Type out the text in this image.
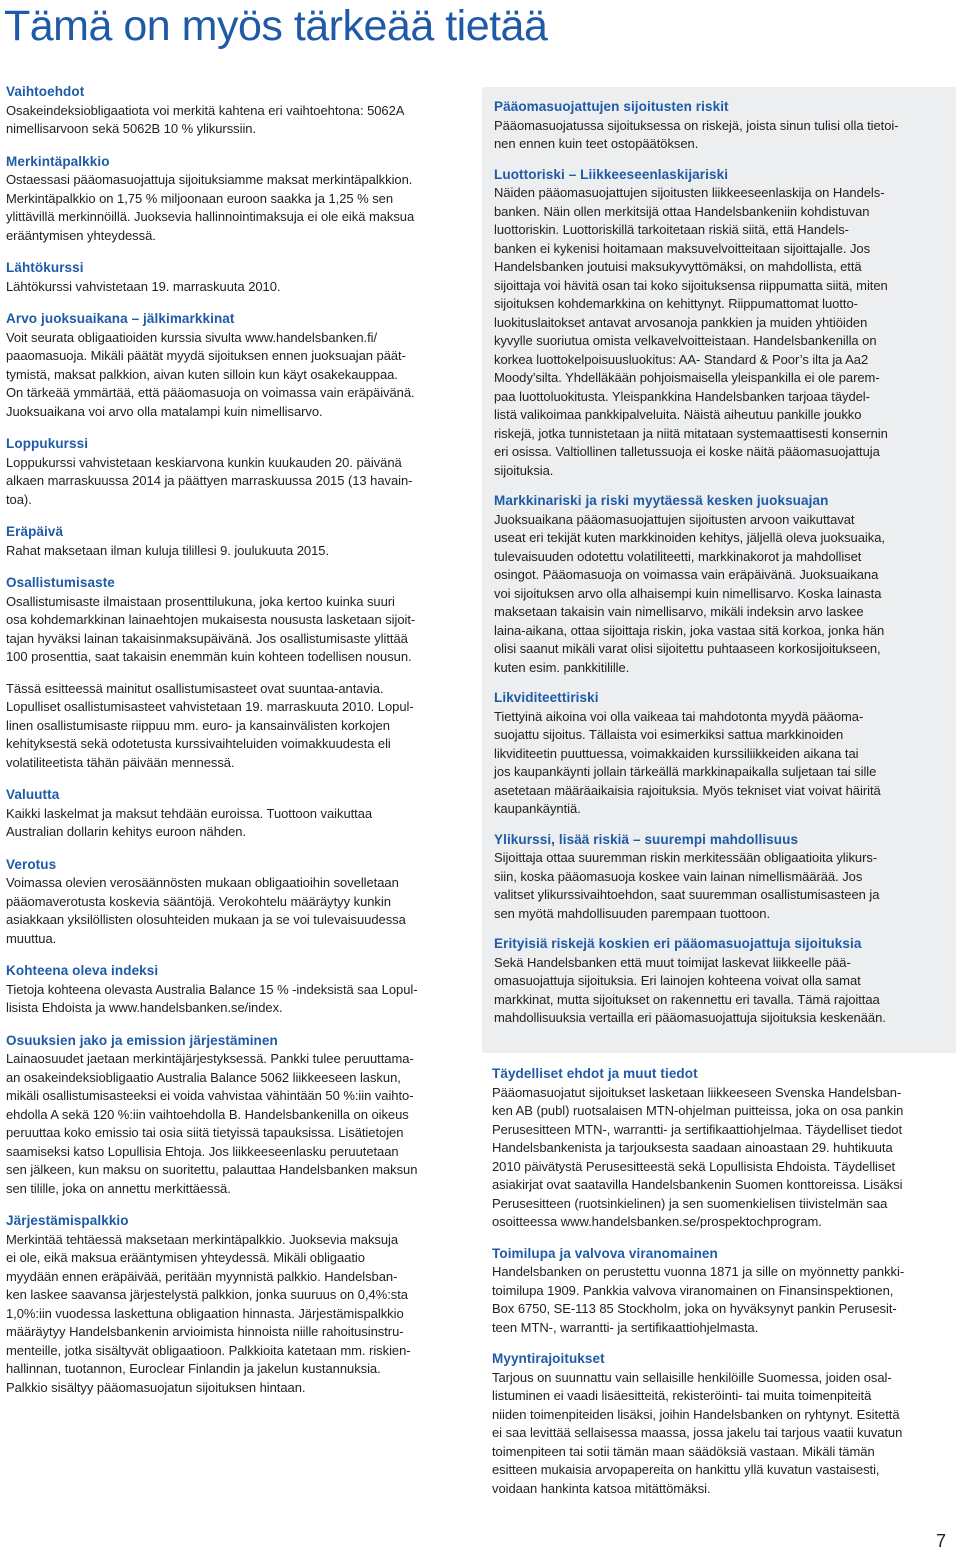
Tämä on myös tärkeää tietää
Vaihtoehdot

Osakeindeksiobligaatiota voi merkitä kahtena eri vaihtoehtona: 5062A
nimellisarvoon sekä 5062B 10 % ylikurssiin.

Merkintäpalkkio

Ostaessasi pääomasuojattuja sijoituksiamme maksat merkintäpalkkion.
Merkintäpalkkio on 1,75 % miljoonaan euroon saakka ja 1,25 % sen
ylittävillä merkinnöillä. Juoksevia hallinnointimaksuja ei ole eikä maksua
erääntymisen yhteydessä.

Lähtökurssi

Lähtökurssi vahvistetaan 19. marraskuuta 2010.

Arvo juoksuaikana – jälkimarkkinat

Voit seurata obligaatioiden kurssia sivulta www.handelsbanken.fi/
paaomasuoja. Mikäli päätät myydä sijoituksen ennen juoksuajan päät-
tymistä, maksat palkkion, aivan kuten silloin kun käyt osakekauppaa.
On tärkeää ymmärtää, että pääomasuoja on voimassa vain eräpäivänä.
Juoksuaikana voi arvo olla matalampi kuin nimellisarvo.

Loppukurssi

Loppukurssi vahvistetaan keskiarvona kunkin kuukauden 20. päivänä
alkaen marraskuussa 2014 ja päättyen marraskuussa 2015 (13 havain-
toa).

Eräpäivä

Rahat maksetaan ilman kuluja tilillesi 9. joulukuuta 2015.

Osallistumisaste

Osallistumisaste ilmaistaan prosenttilukuna, joka kertoo kuinka suuri
osa kohdemarkkinan lainaehtojen mukaisesta noususta lasketaan sijoit-
tajan hyväksi lainan takaisinmaksupäivänä. Jos osallistumisaste ylittää
100 prosenttia, saat takaisin enemmän kuin kohteen todellisen nousun.

Tässä esitteessä mainitut osallistumisasteet ovat suuntaa-antavia.
Lopulliset osallistumisasteet vahvistetaan 19. marraskuuta 2010. Lopul-
linen osallistumisaste riippuu mm. euro- ja kansainvälisten korkojen
kehityksestä sekä odotetusta kurssivaihteluiden voimakkuudesta eli
volatiliteetista tähän päivään mennessä.

Valuutta

Kaikki laskelmat ja maksut tehdään euroissa. Tuottoon vaikuttaa
Australian dollarin kehitys euroon nähden.

Verotus

Voimassa olevien verosäännösten mukaan obligaatioihin sovelletaan
pääomaverotusta koskevia sääntöjä. Verokohtelu määräytyy kunkin
asiakkaan yksilöllisten olosuhteiden mukaan ja se voi tulevaisuudessa
muuttua.

Kohteena oleva indeksi

Tietoja kohteena olevasta Australia Balance 15 % -indeksistä saa Lopul-
lisista Ehdoista ja www.handelsbanken.se/index.

Osuuksien jako ja emission järjestäminen

Lainaosuudet jaetaan merkintäjärjestyksessä. Pankki tulee peruuttama-
an osakeindeksiobligaatio Australia Balance 5062 liikkeeseen laskun,
mikäli osallistumisasteeksi ei voida vahvistaa vähintään 50 %:iin vaihto-
ehdolla A sekä 120 %:iin vaihtoehdolla B. Handelsbankenilla on oikeus
peruuttaa koko emissio tai osia siitä tietyissä tapauksissa. Lisätietojen
saamiseksi katso Lopullisia Ehtoja. Jos liikkeeseenlasku peruutetaan
sen jälkeen, kun maksu on suoritettu, palauttaa Handelsbanken maksun
sen tilille, joka on annettu merkittäessä.

Järjestämispalkkio

Merkintää tehtäessä maksetaan merkintäpalkkio. Juoksevia maksuja
ei ole, eikä maksua erääntymisen yhteydessä. Mikäli obligaatio
myydään ennen eräpäivää, peritään myynnistä palkkio. Handelsban-
ken laskee saavansa järjestelystä palkkion, jonka suuruus on 0,4%:sta
1,0%:iin vuodessa laskettuna obligaation hinnasta. Järjestämispalkkio
määräytyy Handelsbankenin arvioimista hinnoista niille rahoitusinstru-
menteille, jotka sisältyvät obligaatioon. Palkkioita katetaan mm. riskien-
hallinnan, tuotannon, Euroclear Finlandin ja jakelun kustannuksia.
Palkkio sisältyy pääomasuojatun sijoituksen hintaan.

Pääomasuojattujen sijoitusten riskit

Pääomasuojatussa sijoituksessa on riskejä, joista sinun tulisi olla tietoi-
nen ennen kuin teet ostopäätöksen.

Luottoriski – Liikkeeseenlaskijariski

Näiden pääomasuojattujen sijoitusten liikkeeseenlaskija on Handels-
banken. Näin ollen merkitsijä ottaa Handelsbankeniin kohdistuvan
luottoriskin. Luottoriskillä tarkoitetaan riskiä siitä, että Handels-
banken ei kykenisi hoitamaan maksuvelvoitteitaan sijoittajalle. Jos
Handelsbanken joutuisi maksukyvyttömäksi, on mahdollista, että
sijoittaja voi hävitä osan tai koko sijoituksensa riippumatta siitä, miten
sijoituksen kohdemarkkina on kehittynyt. Riippumattomat luotto-
luokituslaitokset antavat arvosanoja pankkien ja muiden yhtiöiden
kyvylle suoriutua omista velkavelvoitteistaan. Handelsbankenilla on
korkea luottokelpoisuusluokitus: AA- Standard & Poor’s ilta ja Aa2
Moody’silta. Yhdelläkään pohjoismaisella yleispankilla ei ole parem-
paa luottoluokitusta. Yleispankkina Handelsbanken tarjoaa täydel-
listä valikoimaa pankkipalveluita. Näistä aiheutuu pankille joukko
riskejä, jotka tunnistetaan ja niitä mitataan systemaattisesti konsernin
eri osissa. Valtiollinen talletussuoja ei koske näitä pääomasuojattuja
sijoituksia.

Markkinariski ja riski myytäessä kesken juoksuajan

Juoksuaikana pääomasuojattujen sijoitusten arvoon vaikuttavat
useat eri tekijät kuten markkinoiden kehitys, jäljellä oleva juoksuaika,
tulevaisuuden odotettu volatiliteetti, markkinakorot ja mahdolliset
osingot. Pääomasuoja on voimassa vain eräpäivänä. Juoksuaikana
voi sijoituksen arvo olla alhaisempi kuin nimellisarvo. Koska lainasta
maksetaan takaisin vain nimellisarvo, mikäli indeksin arvo laskee
laina-aikana, ottaa sijoittaja riskin, joka vastaa sitä korkoa, jonka hän
olisi saanut mikäli varat olisi sijoitettu puhtaaseen korkosijoitukseen,
kuten esim. pankkitilille.

Likviditeettiriski

Tiettyinä aikoina voi olla vaikeaa tai mahdotonta myydä pääoma-
suojattu sijoitus. Tällaista voi esimerkiksi sattua markkinoiden
likviditeetin puuttuessa, voimakkaiden kurssiliikkeiden aikana tai
jos kaupankäynti jollain tärkeällä markkinapaikalla suljetaan tai sille
asetetaan määräaikaisia rajoituksia. Myös tekniset viat voivat häiritä
kaupankäyntiä.

Ylikurssi, lisää riskiä – suurempi mahdollisuus

Sijoittaja ottaa suuremman riskin merkitessään obligaatioita ylikurs-
siin, koska pääomasuoja koskee vain lainan nimellismäärää. Jos
valitset ylikurssivaihtoehdon, saat suuremman osallistumisasteen ja
sen myötä mahdollisuuden parempaan tuottoon.

Erityisiä riskejä koskien eri pääomasuojattuja sijoituksia

Sekä Handelsbanken että muut toimijat laskevat liikkeelle pää-
omasuojattuja sijoituksia. Eri lainojen kohteena voivat olla samat
markkinat, mutta sijoitukset on rakennettu eri tavalla. Tämä rajoittaa
mahdollisuuksia vertailla eri pääomasuojattuja sijoituksia keskenään.

Täydelliset ehdot ja muut tiedot

Pääomasuojatut sijoitukset lasketaan liikkeeseen Svenska Handelsban-
ken AB (publ) ruotsalaisen MTN-ohjelman puitteissa, joka on osa pankin
Perusesitteen MTN-, warrantti- ja sertifikaattiohjelmaa. Täydelliset tiedot
Handelsbankenista ja tarjouksesta saadaan ainoastaan 29. huhtikuuta
2010 päivätystä Perusesitteestä sekä Lopullisista Ehdoista. Täydelliset
asiakirjat ovat saatavilla Handelsbankenin Suomen konttoreissa. Lisäksi
Perusesitteen (ruotsinkielinen) ja sen suomenkielisen tiivistelmän saa
osoitteessa www.handelsbanken.se/prospektochprogram.

Toimilupa ja valvova viranomainen

Handelsbanken on perustettu vuonna 1871 ja sille on myönnetty pankki-
toimilupa 1909. Pankkia valvova viranomainen on Finansinspektionen,
Box 6750, SE-113 85 Stockholm, joka on hyväksynyt pankin Perusesit-
teen MTN-, warrantti- ja sertifikaattiohjelmasta.

Myyntirajoitukset

Tarjous on suunnattu vain sellaisille henkilöille Suomessa, joiden osal-
listuminen ei vaadi lisäesitteitä, rekisteröinti- tai muita toimenpiteitä
niiden toimenpiteiden lisäksi, joihin Handelsbanken on ryhtynyt. Esitettä
ei saa levittää sellaisessa maassa, jossa jakelu tai tarjous vaatii kuvatun
toimenpiteen tai sotii tämän maan säädöksiä vastaan. Mikäli tämän
esitteen mukaisia arvopapereita on hankittu yllä kuvatun vastaisesti,
voidaan hankinta katsoa mitättömäksi.

7
